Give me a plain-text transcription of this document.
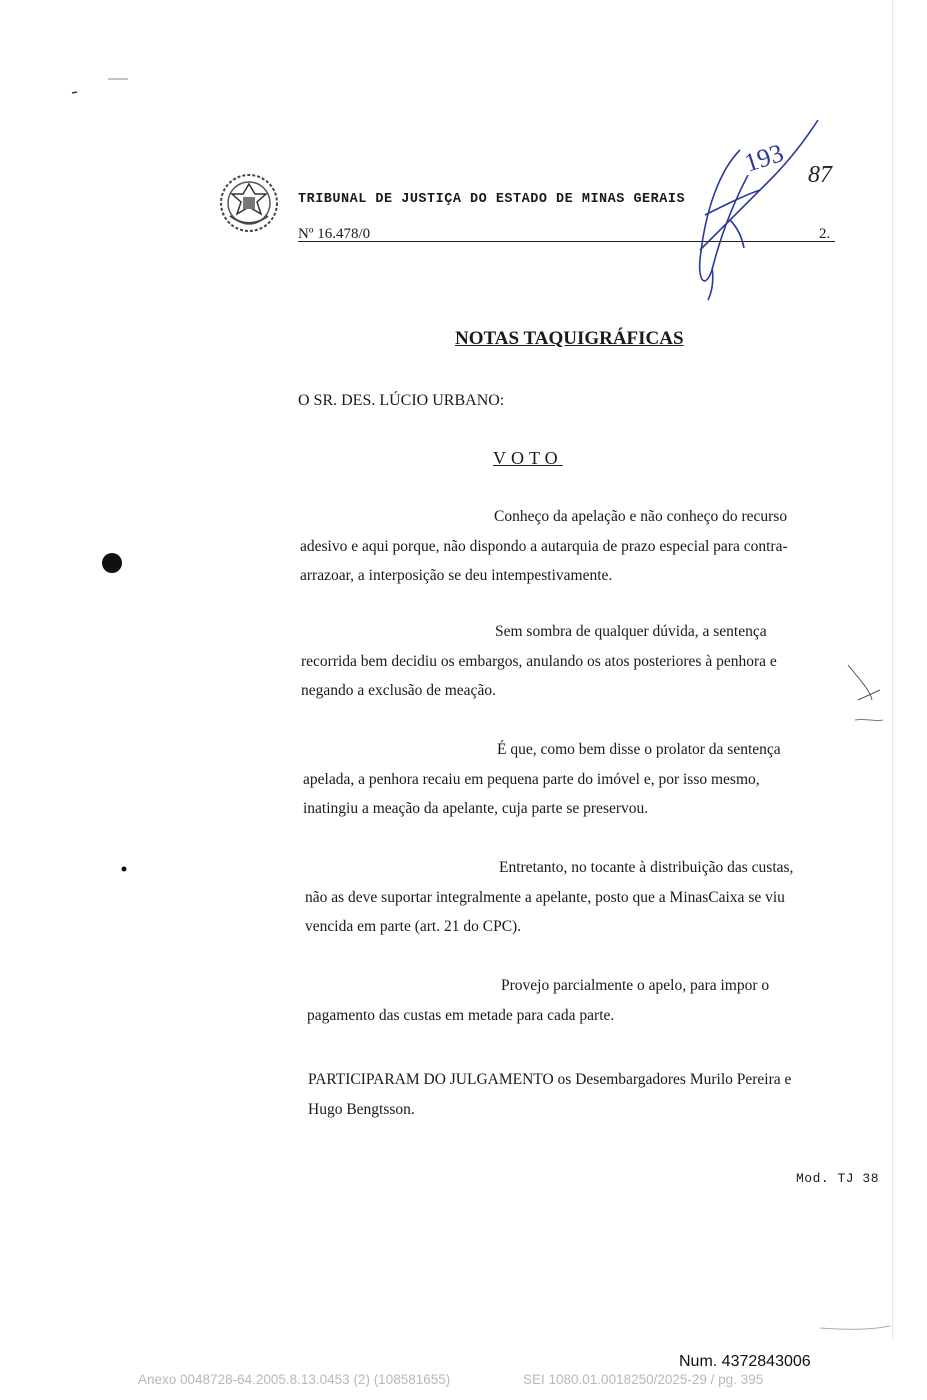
TRIBUNAL DE JUSTIÇA DO ESTADO DE MINAS GERAIS
Nº 16.478/0	2.
NOTAS TAQUIGRÁFICAS
O SR. DES. LÚCIO URBANO:
VOTO
Conheço da apelação e não conheço do recurso
adesivo e aqui porque, não dispondo a autarquia de prazo especial para contra-
arrazoar, a interposição se deu intempestivamente.
Sem sombra de qualquer dúvida, a sentença
recorrida bem decidiu os embargos, anulando os atos posteriores à penhora e
negando a exclusão de meação.
É que, como bem disse o prolator da sentença
apelada, a penhora recaiu em pequena parte do imóvel e, por isso mesmo,
inatingiu a meação da apelante, cuja parte se preservou.
Entretanto, no tocante à distribuição das custas,
não as deve suportar integralmente a apelante, posto que a MinasCaixa se viu
vencida em parte (art. 21 do CPC).
Provejo parcialmente o apelo, para impor o
pagamento das custas em metade para cada parte.
PARTICIPARAM DO JULGAMENTO os Desembargadores Murilo Pereira e
Hugo Bengtsson.
Mod. TJ 38
Num. 4372843006
Anexo 0048728-64.2005.8.13.0453 (2) (108581655)	SEI 1080.01.0018250/2025-29 / pg. 395
193 87
